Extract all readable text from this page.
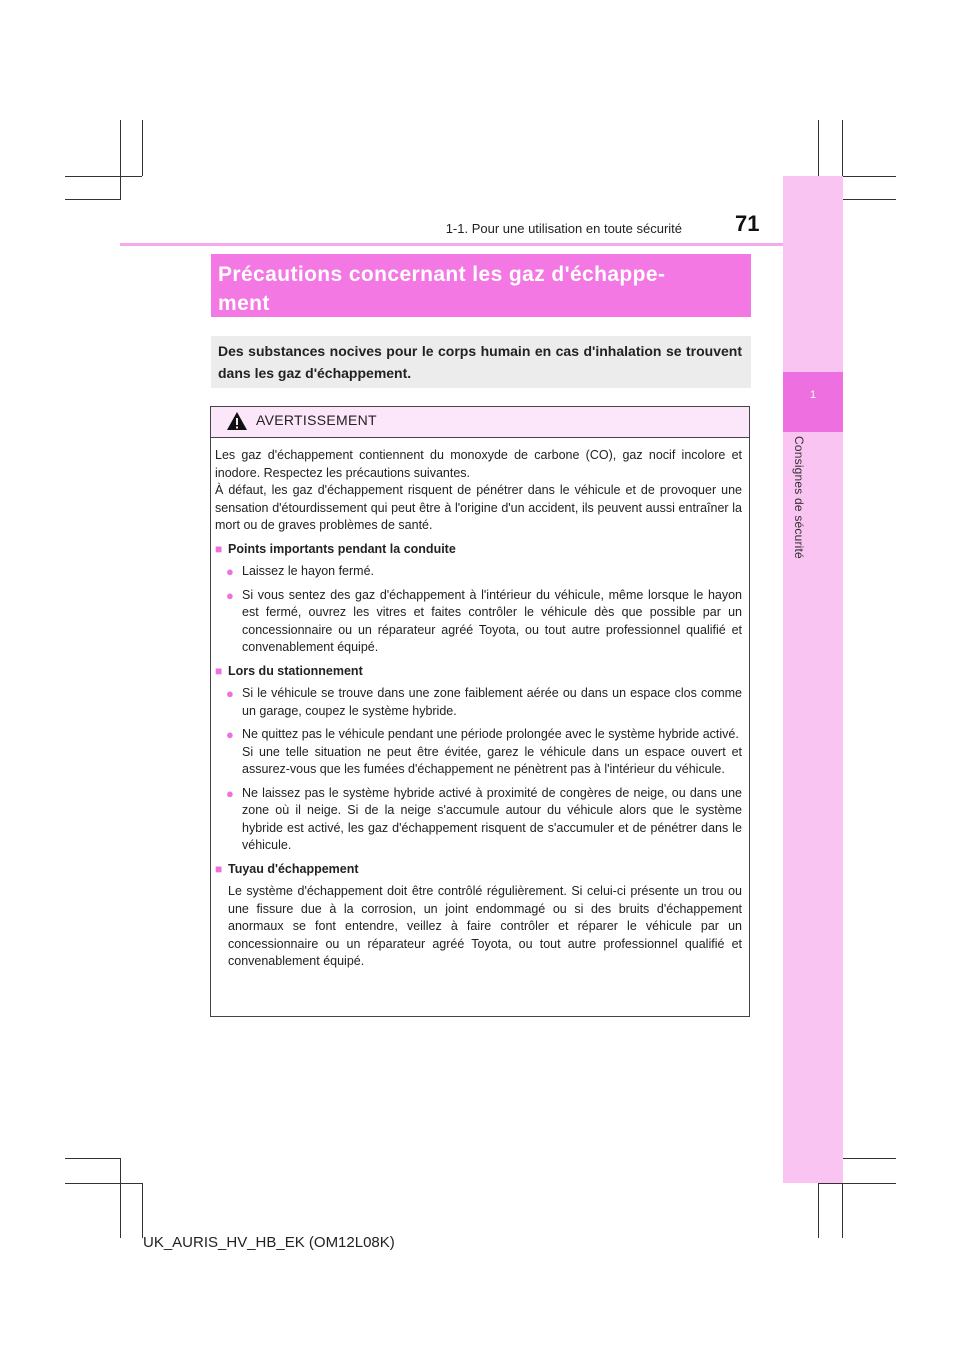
1-1. Pour une utilisation en toute sécurité 71
1
Consignes de sécurité
Précautions concernant les gaz d'échappe-
ment
Des substances nocives pour le corps humain en cas d'inhalation se trouvent dans les gaz d'échappement.
AVERTISSEMENT

Les gaz d'échappement contiennent du monoxyde de carbone (CO), gaz nocif incolore et inodore. Respectez les précautions suivantes.

À défaut, les gaz d'échappement risquent de pénétrer dans le véhicule et de provoquer une sensation d'étourdissement qui peut être à l'origine d'un accident, ils peuvent aussi entraîner la mort ou de graves problèmes de santé.

■ Points importants pendant la conduite
● Laissez le hayon fermé.
● Si vous sentez des gaz d'échappement à l'intérieur du véhicule, même lorsque le hayon est fermé, ouvrez les vitres et faites contrôler le véhicule dès que possible par un concessionnaire ou un réparateur agréé Toyota, ou tout autre professionnel qualifié et convenablement équipé.
■ Lors du stationnement
● Si le véhicule se trouve dans une zone faiblement aérée ou dans un espace clos comme un garage, coupez le système hybride.
● Ne quittez pas le véhicule pendant une période prolongée avec le système hybride activé.
Si une telle situation ne peut être évitée, garez le véhicule dans un espace ouvert et assurez-vous que les fumées d'échappement ne pénètrent pas à l'intérieur du véhicule.
● Ne laissez pas le système hybride activé à proximité de congères de neige, ou dans une zone où il neige. Si de la neige s'accumule autour du véhicule alors que le système hybride est activé, les gaz d'échappement risquent de s'accumuler et de pénétrer dans le véhicule.
■ Tuyau d'échappement

Le système d'échappement doit être contrôlé régulièrement. Si celui-ci présente un trou ou une fissure due à la corrosion, un joint endommagé ou si des bruits d'échappement anormaux se font entendre, veillez à faire contrôler et réparer le véhicule par un concessionnaire ou un réparateur agréé Toyota, ou tout autre professionnel qualifié et convenablement équipé.

UK_AURIS_HV_HB_EK (OM12L08K)
